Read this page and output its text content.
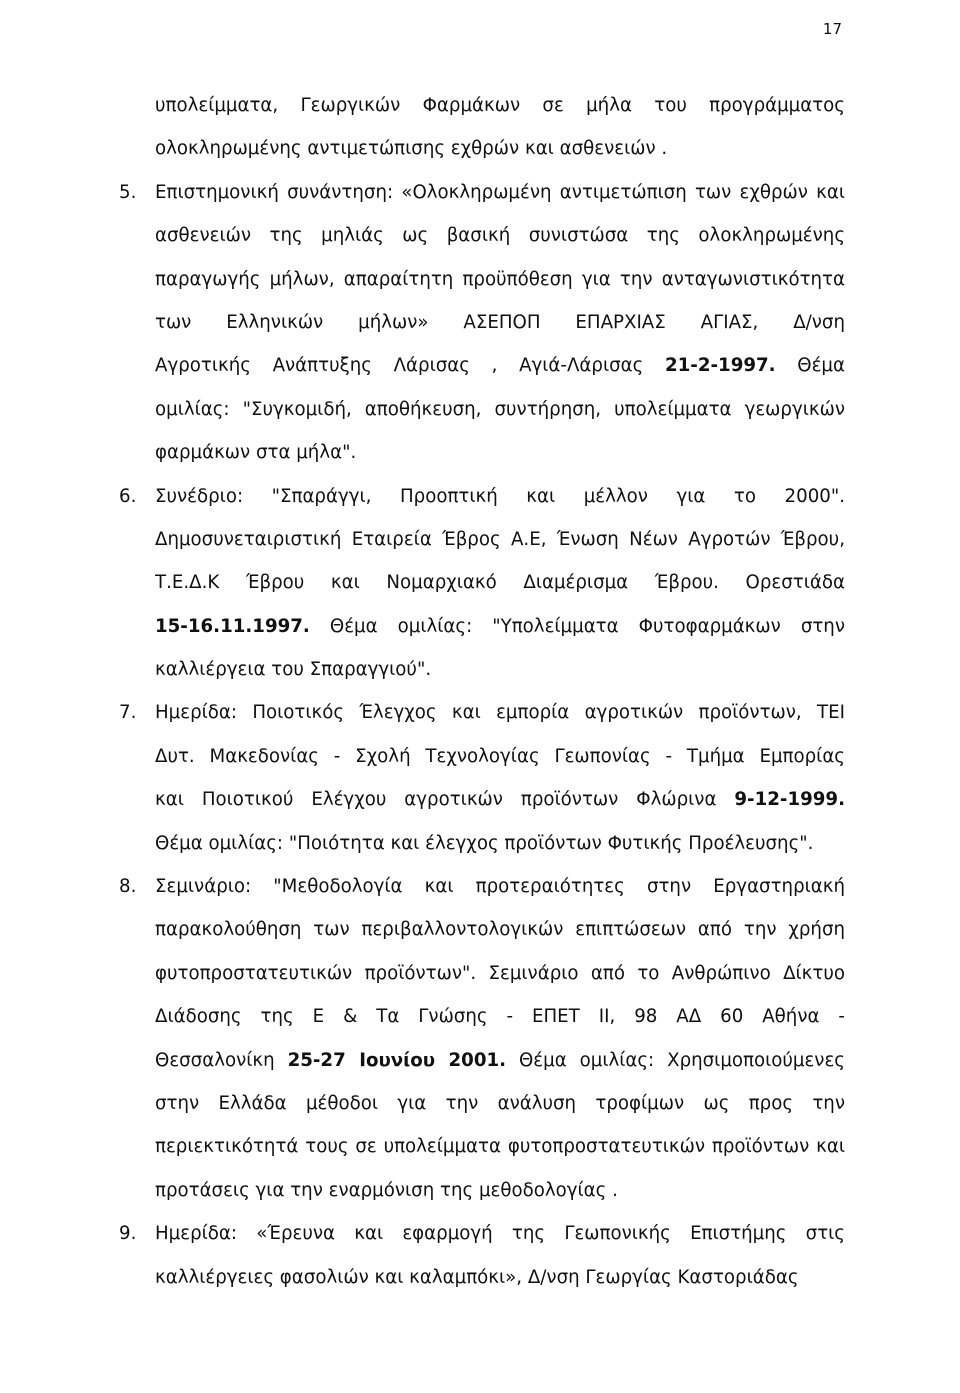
17
υπολείμματα, Γεωργικών Φαρμάκων σε μήλα του προγράμματος
ολοκληρωμένης αντιμετώπισης εχθρών και ασθενειών .
5. Επιστημονική συνάντηση: «Ολοκληρωμένη αντιμετώπιση των εχθρών και
ασθενειών της μηλιάς ως βασική συνιστώσα της ολοκληρωμένης
παραγωγής μήλων, απαραίτητη προϋπόθεση για την ανταγωνιστικότητα
των Ελληνικών μήλων» ΑΣΕΠΟΠ ΕΠΑΡΧΙΑΣ ΑΓΙΑΣ, Δ/νση
Αγροτικής Ανάπτυξης Λάρισας , Αγιά-Λάρισας 21-2-1997. Θέμα
ομιλίας: "Συγκομιδή, αποθήκευση, συντήρηση, υπολείμματα γεωργικών
φαρμάκων στα μήλα".
6. Συνέδριο: "Σπαράγγι, Προοπτική και μέλλον για το 2000".
Δημοσυνεταιριστική Εταιρεία Έβρος Α.Ε, Ένωση Νέων Αγροτών Έβρου,
Τ.Ε.Δ.Κ Έβρου και Νομαρχιακό Διαμέρισμα Έβρου. Ορεστιάδα
15-16.11.1997. Θέμα ομιλίας: "Υπολείμματα Φυτοφαρμάκων στην
καλλιέργεια του Σπαραγγιού".
7. Ημερίδα: Ποιοτικός Έλεγχος και εμπορία αγροτικών προϊόντων, ΤΕΙ
Δυτ. Μακεδονίας - Σχολή Τεχνολογίας Γεωπονίας - Τμήμα Εμπορίας
και Ποιοτικού Ελέγχου αγροτικών προϊόντων Φλώρινα 9-12-1999.
Θέμα ομιλίας: "Ποιότητα και έλεγχος προϊόντων Φυτικής Προέλευσης".
8. Σεμινάριο: "Μεθοδολογία και προτεραιότητες στην Εργαστηριακή
παρακολούθηση των περιβαλλοντολογικών επιπτώσεων από την χρήση
φυτοπροστατευτικών προϊόντων". Σεμινάριο από το Ανθρώπινο Δίκτυο
Διάδοσης της Ε & Τα Γνώσης - ΕΠΕΤ ΙΙ, 98 ΑΔ 60 Αθήνα -
Θεσσαλονίκη 25-27 Ιουνίου 2001. Θέμα ομιλίας: Χρησιμοποιούμενες
στην Ελλάδα μέθοδοι για την ανάλυση τροφίμων ως προς την
περιεκτικότητά τους σε υπολείμματα φυτοπροστατευτικών προϊόντων και
προτάσεις για την εναρμόνιση της μεθοδολογίας .
9. Ημερίδα: «Έρευνα και εφαρμογή της Γεωπονικής Επιστήμης στις
καλλιέργειες φασολιών και καλαμπόκι», Δ/νση Γεωργίας Καστοριάδας
